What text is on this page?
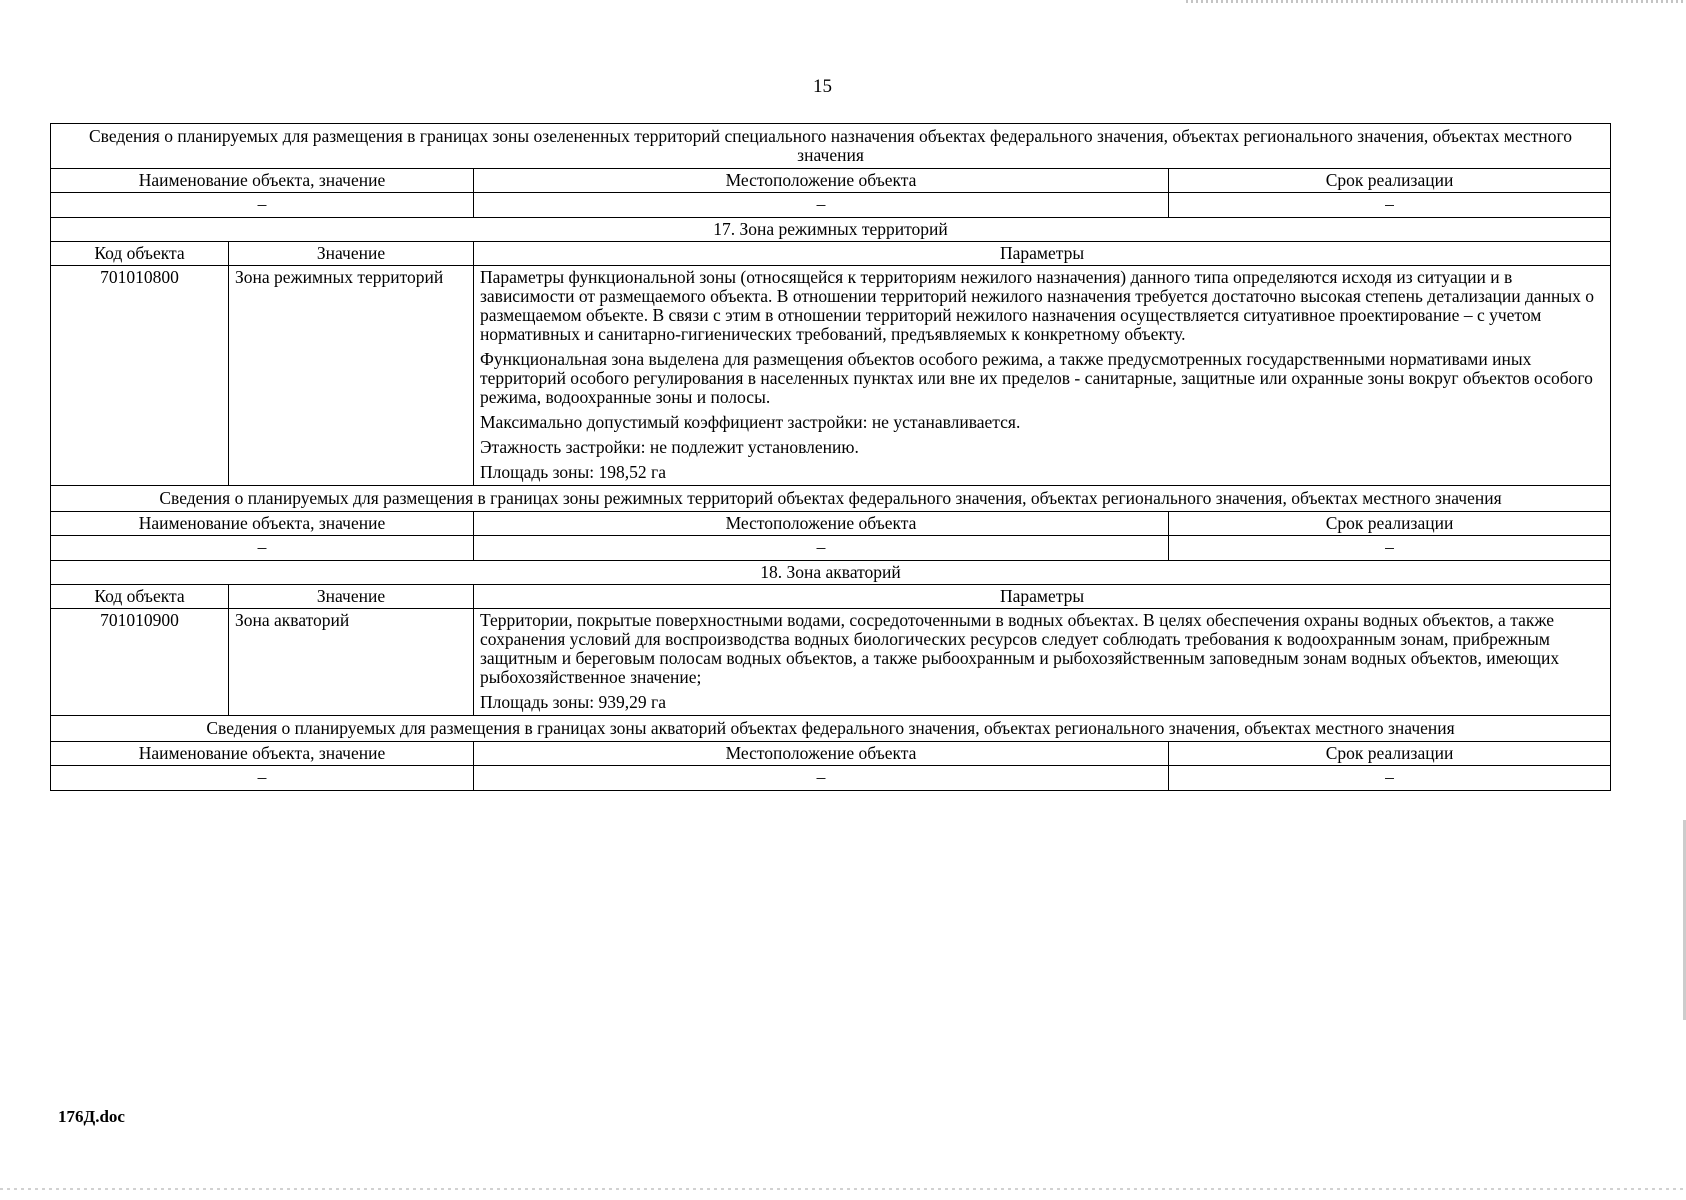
15
Сведения о планируемых для размещения в границах зоны озелененных территорий специального назначения объектах федерального значения, объектах регионального значения, объектах местного значения			
Наименование объекта, значение		Местоположение объекта	Срок реализации
–		–	–
17. Зона режимных территорий			
Код объекта	Значение	Параметры	
701010800	Зона режимных территорий	Параметры функциональной зоны (относящейся к территориям нежилого назначения) данного типа определяются исходя из ситуации и в зависимости от размещаемого объекта. В отношении территорий нежилого назначения требуется достаточно высокая степень детализации данных о размещаемом объекте. В связи с этим в отношении территорий нежилого назначения осуществляется ситуативное проектирование – с учетом нормативных и санитарно-гигиенических требований, предъявляемых к конкретному объекту.

Функциональная зона выделена для размещения объектов особого режима, а также предусмотренных государственными нормативами иных территорий особого регулирования в населенных пунктах или вне их пределов - санитарные, защитные или охранные зоны вокруг объектов особого режима, водоохранные зоны и полосы.

Максимально допустимый коэффициент застройки: не устанавливается.

Этажность застройки: не подлежит установлению.

Площадь зоны: 198,52 га	

Сведения о планируемых для размещения в границах зоны режимных территорий объектах федерального значения, объектах регионального значения, объектах местного значения			
Наименование объекта, значение		Местоположение объекта	Срок реализации
–		–	–
18. Зона акваторий			
Код объекта	Значение	Параметры	
701010900	Зона акваторий	Территории, покрытые поверхностными водами, сосредоточенными в водных объектах. В целях обеспечения охраны водных объектов, а также сохранения условий для воспроизводства водных биологических ресурсов следует соблюдать требования к водоохранным зонам, прибрежным защитным и береговым полосам водных объектов, а также рыбоохранным и рыбохозяйственным заповедным зонам водных объектов, имеющих рыбохозяйственное значение;

Площадь зоны: 939,29 га	

Сведения о планируемых для размещения в границах зоны акваторий объектах федерального значения, объектах регионального значения, объектах местного значения			
Наименование объекта, значение		Местоположение объекта	Срок реализации
–		–	–
176Д.doc
